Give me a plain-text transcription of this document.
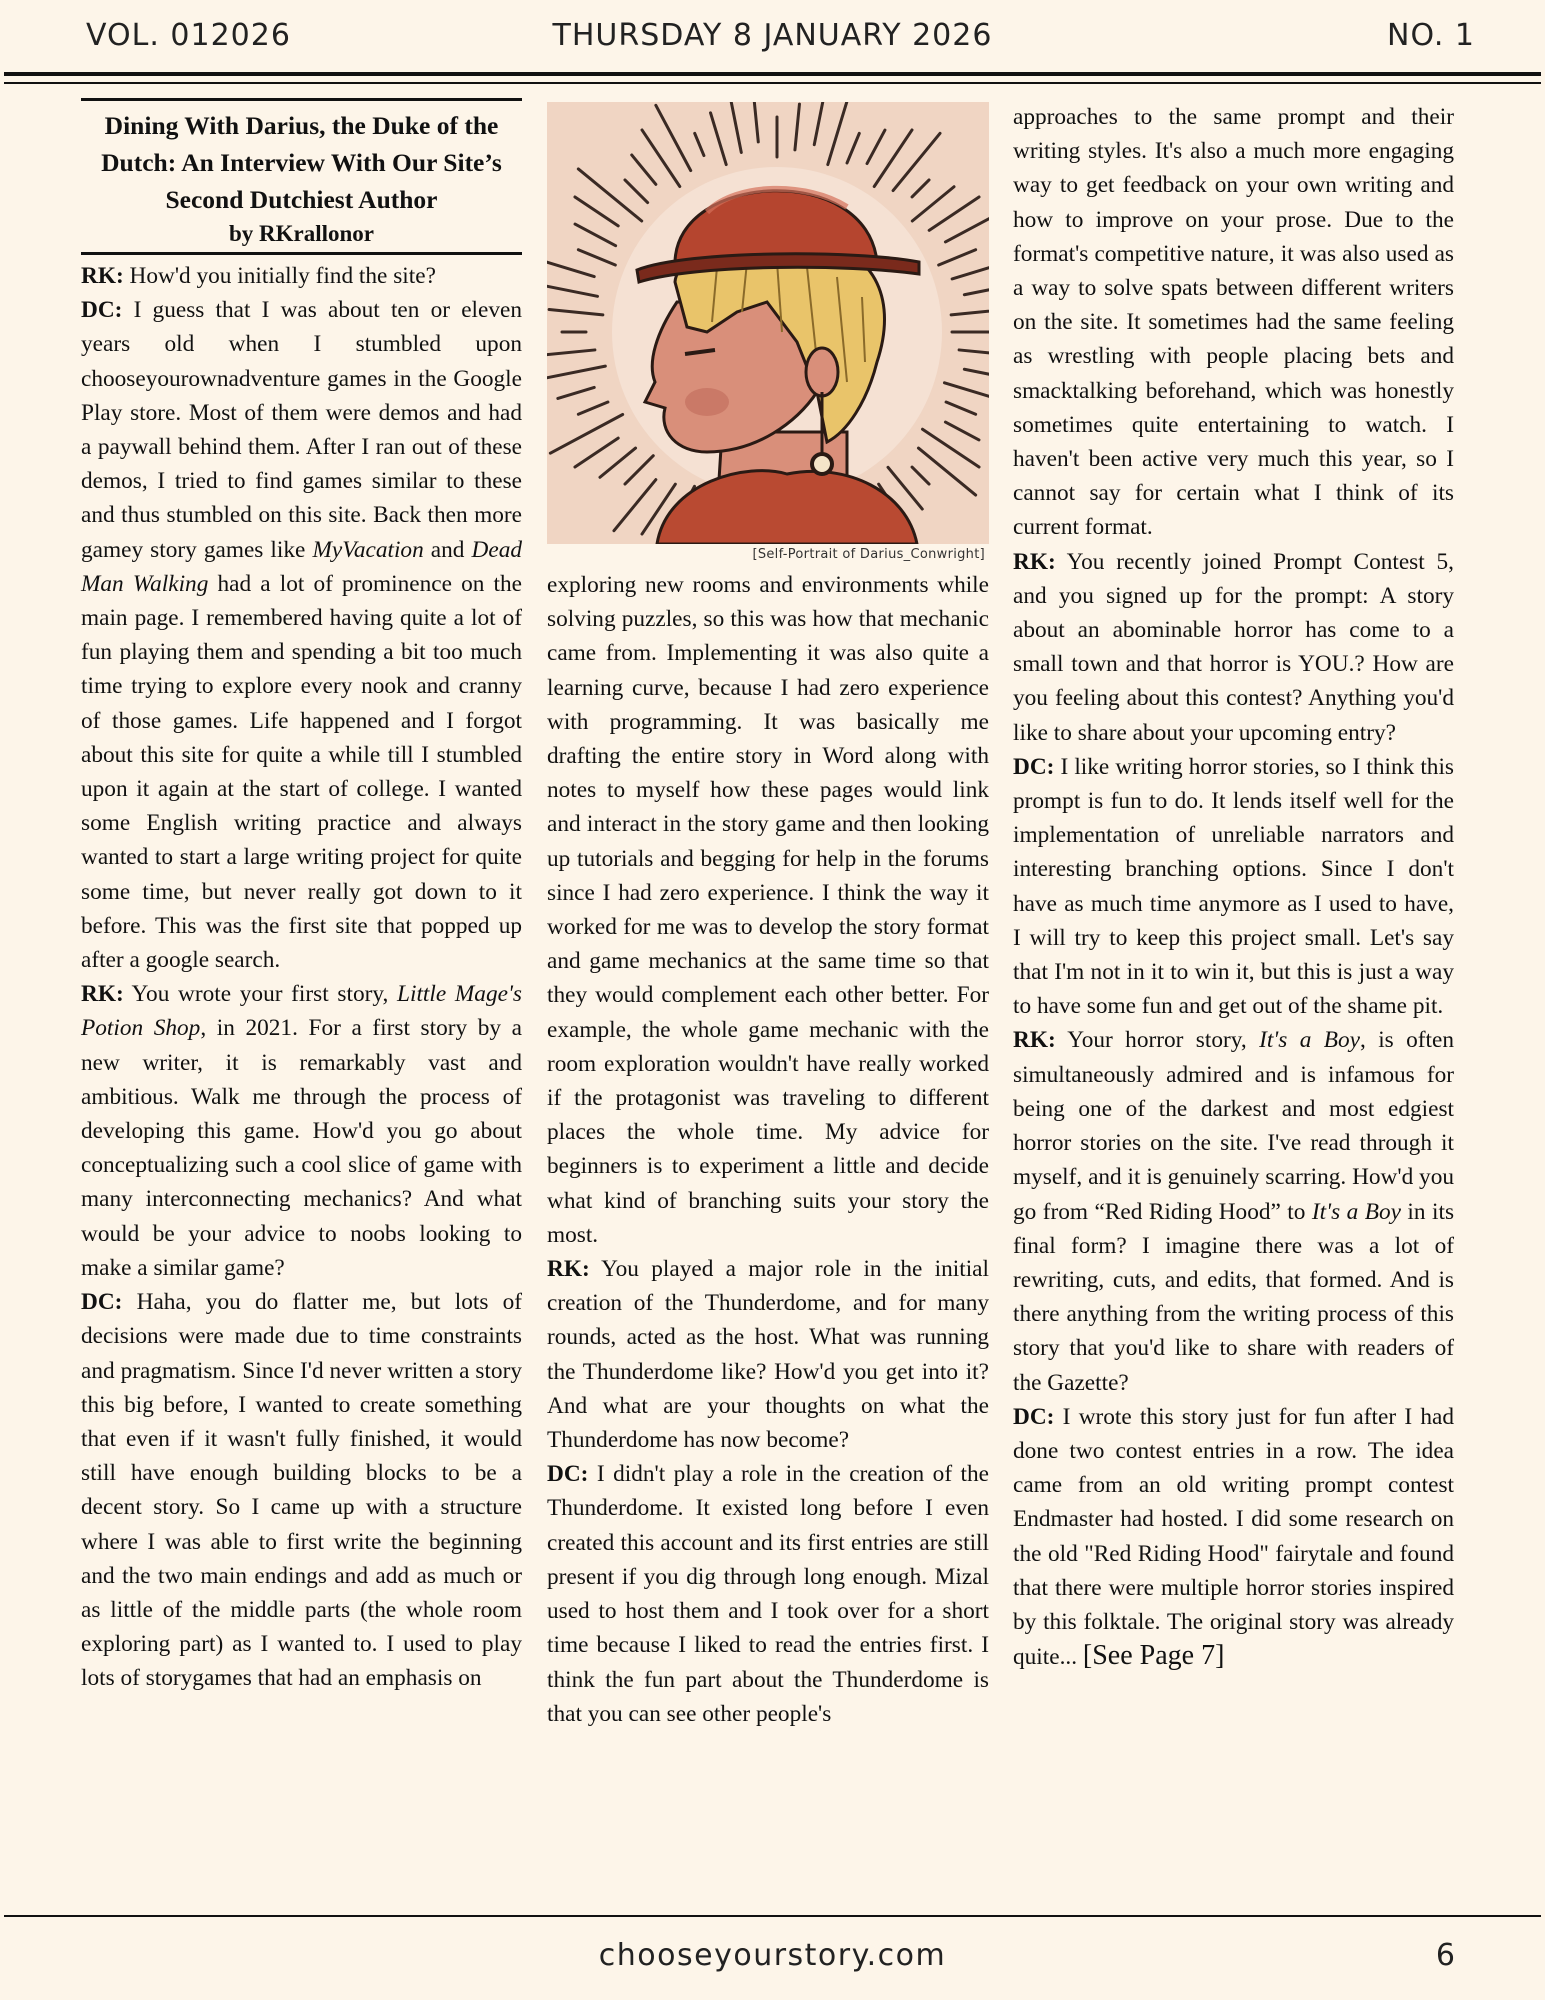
VOL. 012026	THURSDAY 8 JANUARY 2026	NO. 1

Dining With Darius, the Duke of the Dutch: An Interview With Our Site’s Second Dutchiest Author

by RKrallonor

RK: How'd you initially find the site?

DC: I guess that I was about ten or eleven years old when I stumbled upon chooseyourownadventure games in the Google Play store. Most of them were demos and had a paywall behind them. After I ran out of these demos, I tried to find games similar to these and thus stumbled on this site. Back then more gamey story games like MyVacation and Dead Man Walking had a lot of prominence on the main page. I remembered having quite a lot of fun playing them and spending a bit too much time trying to explore every nook and cranny of those games. Life happened and I forgot about this site for quite a while till I stumbled upon it again at the start of college. I wanted some English writing practice and always wanted to start a large writing project for quite some time, but never really got down to it before. This was the first site that popped up after a google search.

RK: You wrote your first story, Little Mage's Potion Shop, in 2021. For a first story by a new writer, it is remarkably vast and ambitious. Walk me through the process of developing this game. How'd you go about conceptualizing such a cool slice of game with many interconnecting mechanics? And what would be your advice to noobs looking to make a similar game?

DC: Haha, you do flatter me, but lots of decisions were made due to time constraints and pragmatism. Since I'd never written a story this big before, I wanted to create something that even if it wasn't fully finished, it would still have enough building blocks to be a decent story. So I came up with a structure where I was able to first write the beginning and the two main endings and add as much or as little of the middle parts (the whole room exploring part) as I wanted to. I used to play lots of storygames that had an emphasis on

[Self-Portrait of Darius_Conwright]

exploring new rooms and environments while solving puzzles, so this was how that mechanic came from. Implementing it was also quite a learning curve, because I had zero experience with programming. It was basically me drafting the entire story in Word along with notes to myself how these pages would link and interact in the story game and then looking up tutorials and begging for help in the forums since I had zero experience. I think the way it worked for me was to develop the story format and game mechanics at the same time so that they would complement each other better. For example, the whole game mechanic with the room exploration wouldn't have really worked if the protagonist was traveling to different places the whole time. My advice for beginners is to experiment a little and decide what kind of branching suits your story the most.

RK: You played a major role in the initial creation of the Thunderdome, and for many rounds, acted as the host. What was running the Thunderdome like? How'd you get into it? And what are your thoughts on what the Thunderdome has now become?

DC: I didn't play a role in the creation of the Thunderdome. It existed long before I even created this account and its first entries are still present if you dig through long enough. Mizal used to host them and I took over for a short time because I liked to read the entries first. I think the fun part about the Thunderdome is that you can see other people's

approaches to the same prompt and their writing styles. It's also a much more engaging way to get feedback on your own writing and how to improve on your prose. Due to the format's competitive nature, it was also used as a way to solve spats between different writers on the site. It sometimes had the same feeling as wrestling with people placing bets and smacktalking beforehand, which was honestly sometimes quite entertaining to watch. I haven't been active very much this year, so I cannot say for certain what I think of its current format.

RK: You recently joined Prompt Contest 5, and you signed up for the prompt: A story about an abominable horror has come to a small town and that horror is YOU.? How are you feeling about this contest? Anything you'd like to share about your upcoming entry?

DC: I like writing horror stories, so I think this prompt is fun to do. It lends itself well for the implementation of unreliable narrators and interesting branching options. Since I don't have as much time anymore as I used to have, I will try to keep this project small. Let's say that I'm not in it to win it, but this is just a way to have some fun and get out of the shame pit.

RK: Your horror story, It's a Boy, is often simultaneously admired and is infamous for being one of the darkest and most edgiest horror stories on the site. I've read through it myself, and it is genuinely scarring. How'd you go from “Red Riding Hood” to It's a Boy in its final form? I imagine there was a lot of rewriting, cuts, and edits, that formed. And is there anything from the writing process of this story that you'd like to share with readers of the Gazette?

DC: I wrote this story just for fun after I had done two contest entries in a row. The idea came from an old writing prompt contest Endmaster had hosted. I did some research on the old "Red Riding Hood" fairytale and found that there were multiple horror stories inspired by this folktale. The original story was already quite... [See Page 7]

chooseyourstory.com	6
